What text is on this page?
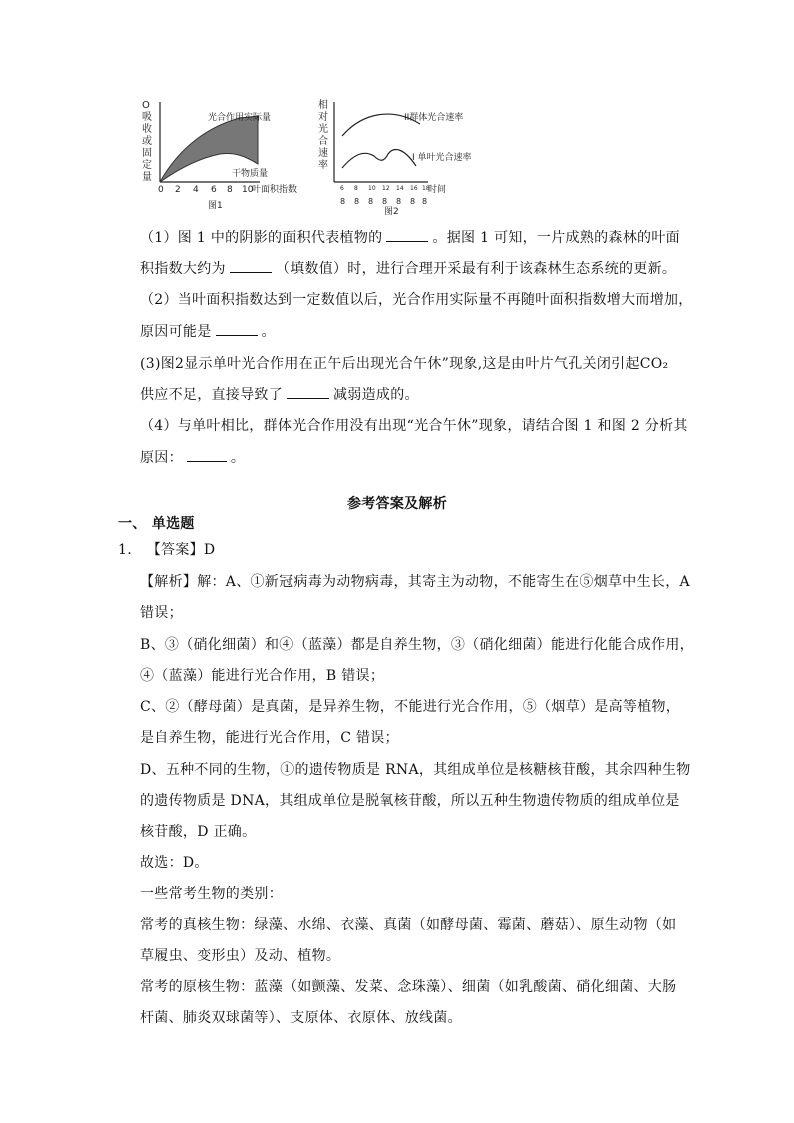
O
吸
收
或
固
定
量
光合作用实际量
干物质量
0 2 4 6 8 10
叶面积指数
图1
相
对
光
合
速
率
II群体光合速率
I 单叶光合速率
时间
6 8 10 12 14 16 18
8 8 8 8 8 8 8
图2
（1）图 1 中的阴影的面积代表植物的	。据图 1 可知，一片成熟的森林的叶面
积指数大约为	（填数值）时，进行合理开采最有利于该森林生态系统的更新。
（2）当叶面积指数达到一定数值以后，光合作用实际量不再随叶面积指数增大而增加，
原因可能是	。
(3)图2显示单叶光合作用在正午后出现光合午休”现象,这是由叶片气孔关闭引起CO₂
供应不足，直接导致了	减弱造成的。
（4）与单叶相比，群体光合作用没有出现“光合午休”现象，请结合图 1 和图 2 分析其
原因：	。
参考答案及解析
一、 单选题
1. 【答案】D
【解析】解：A、①新冠病毒为动物病毒，其寄主为动物，不能寄生在⑤烟草中生长，A
错误；
B、③（硝化细菌）和④（蓝藻）都是自养生物，③（硝化细菌）能进行化能合成作用，
④（蓝藻）能进行光合作用，B 错误；
C、②（酵母菌）是真菌，是异养生物，不能进行光合作用，⑤（烟草）是高等植物，
是自养生物，能进行光合作用，C 错误；
D、五种不同的生物，①的遗传物质是 RNA，其组成单位是核糖核苷酸，其余四种生物
的遗传物质是 DNA，其组成单位是脱氧核苷酸，所以五种生物遗传物质的组成单位是
核苷酸，D 正确。
故选：D。
一些常考生物的类别：
常考的真核生物：绿藻、水绵、衣藻、真菌（如酵母菌、霉菌、蘑菇）、原生动物（如
草履虫、变形虫）及动、植物。
常考的原核生物：蓝藻（如颤藻、发菜、念珠藻）、细菌（如乳酸菌、硝化细菌、大肠
杆菌、肺炎双球菌等）、支原体、衣原体、放线菌。
